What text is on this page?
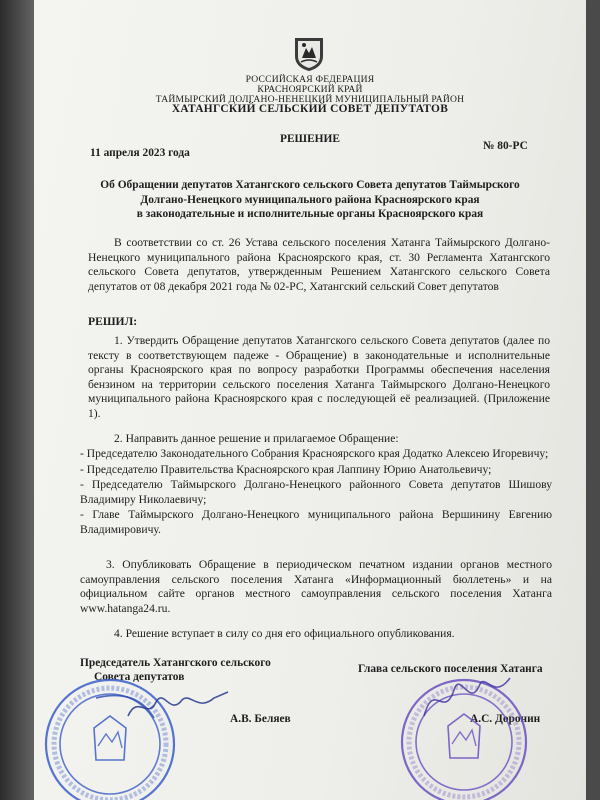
РОССИЙСКАЯ ФЕДЕРАЦИЯ

КРАСНОЯРСКИЙ КРАЙ

ТАЙМЫРСКИЙ ДОЛГАНО-НЕНЕЦКИЙ МУНИЦИПАЛЬНЫЙ РАЙОН

ХАТАНГСКИЙ СЕЛЬСКИЙ СОВЕТ ДЕПУТАТОВ

РЕШЕНИЕ

11 апреля 2023 года

№ 80-РС

Об Обращении депутатов Хатангского сельского Совета депутатов Таймырского
Долгано-Ненецкого муниципального района Красноярского края
в законодательные и исполнительные органы Красноярского края

В соответствии со ст. 26 Устава сельского поселения Хатанга Таймырского Долгано-Ненецкого муниципального района Красноярского края, ст. 30 Регламента Хатангского сельского Совета депутатов, утвержденным Решением Хатангского сельского Совета депутатов от 08 декабря 2021 года № 02-РС, Хатангский сельский Совет депутатов

РЕШИЛ:

1. Утвердить Обращение депутатов Хатангского сельского Совета депутатов (далее по тексту в соответствующем падеже - Обращение) в законодательные и исполнительные органы Красноярского края по вопросу разработки Программы обеспечения населения бензином на территории сельского поселения Хатанга Таймырского Долгано-Ненецкого муниципального района Красноярского края с последующей её реализацией. (Приложение 1).

2. Направить данное решение и прилагаемое Обращение:

- Председателю Законодательного Собрания Красноярского края Додатко Алексею Игоревичу;
- Председателю Правительства Красноярского края Лаппину Юрию Анатольевичу;
- Председателю Таймырского Долгано-Ненецкого районного Совета депутатов Шишову Владимиру Николаевичу;
- Главе Таймырского Долгано-Ненецкого муниципального района Вершинину Евгению Владимировичу.

3. Опубликовать Обращение в периодическом печатном издании органов местного самоуправления сельского поселения Хатанга «Информационный бюллетень» и на официальном сайте органов местного самоуправления сельского поселения Хатанга www.hatanga24.ru.

4. Решение вступает в силу со дня его официального опубликования.

Председатель Хатангского сельского

Совета депутатов

А.В. Беляев

Глава сельского поселения Хатанга

А.С. Доронин
